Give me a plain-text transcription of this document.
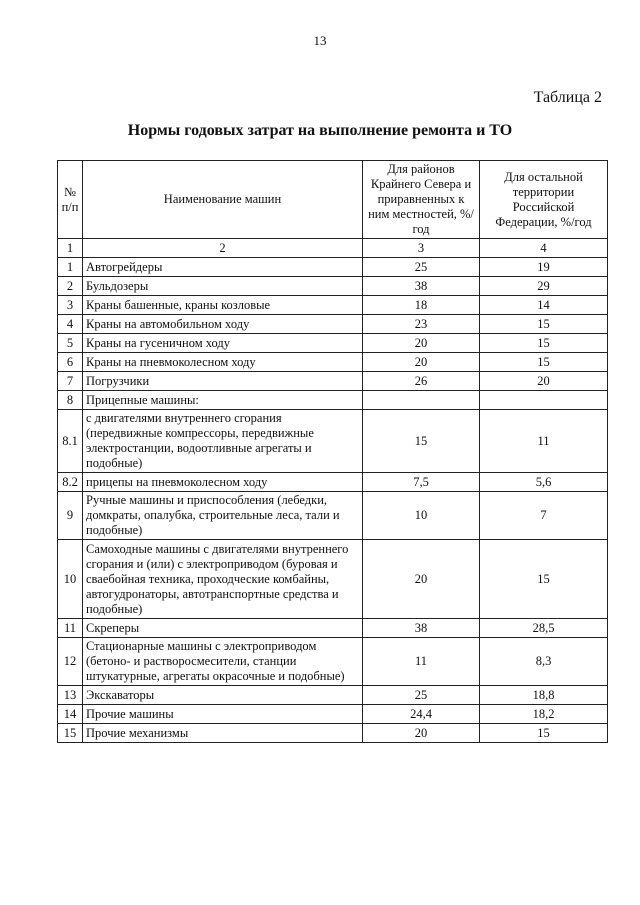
13
Таблица 2
Нормы годовых затрат на выполнение ремонта и ТО
№ п/п	Наименование машин	Для районов Крайнего Севера и приравненных к ним местностей, %/год	Для остальной территории Российской Федерации, %/год
1	2	3	4
1	Автогрейдеры	25	19
2	Бульдозеры	38	29
3	Краны башенные, краны козловые	18	14
4	Краны на автомобильном ходу	23	15
5	Краны на гусеничном ходу	20	15
6	Краны на пневмоколесном ходу	20	15
7	Погрузчики	26	20
8	Прицепные машины:		
8.1	с двигателями внутреннего сгорания (передвижные компрессоры, передвижные электростанции, водоотливные агрегаты и подобные)	15	11
8.2	прицепы на пневмоколесном ходу	7,5	5,6
9	Ручные машины и приспособления (лебедки, домкраты, опалубка, строительные леса, тали и подобные)	10	7
10	Самоходные машины с двигателями внутреннего сгорания и (или) с электроприводом (буровая и сваебойная техника, проходческие комбайны, автогудронаторы, автотранспортные средства и подобные)	20	15
11	Скреперы	38	28,5
12	Стационарные машины с электроприводом (бетоно- и растворосмесители, станции штукатурные, агрегаты окрасочные и подобные)	11	8,3
13	Экскаваторы	25	18,8
14	Прочие машины	24,4	18,2
15	Прочие механизмы	20	15
